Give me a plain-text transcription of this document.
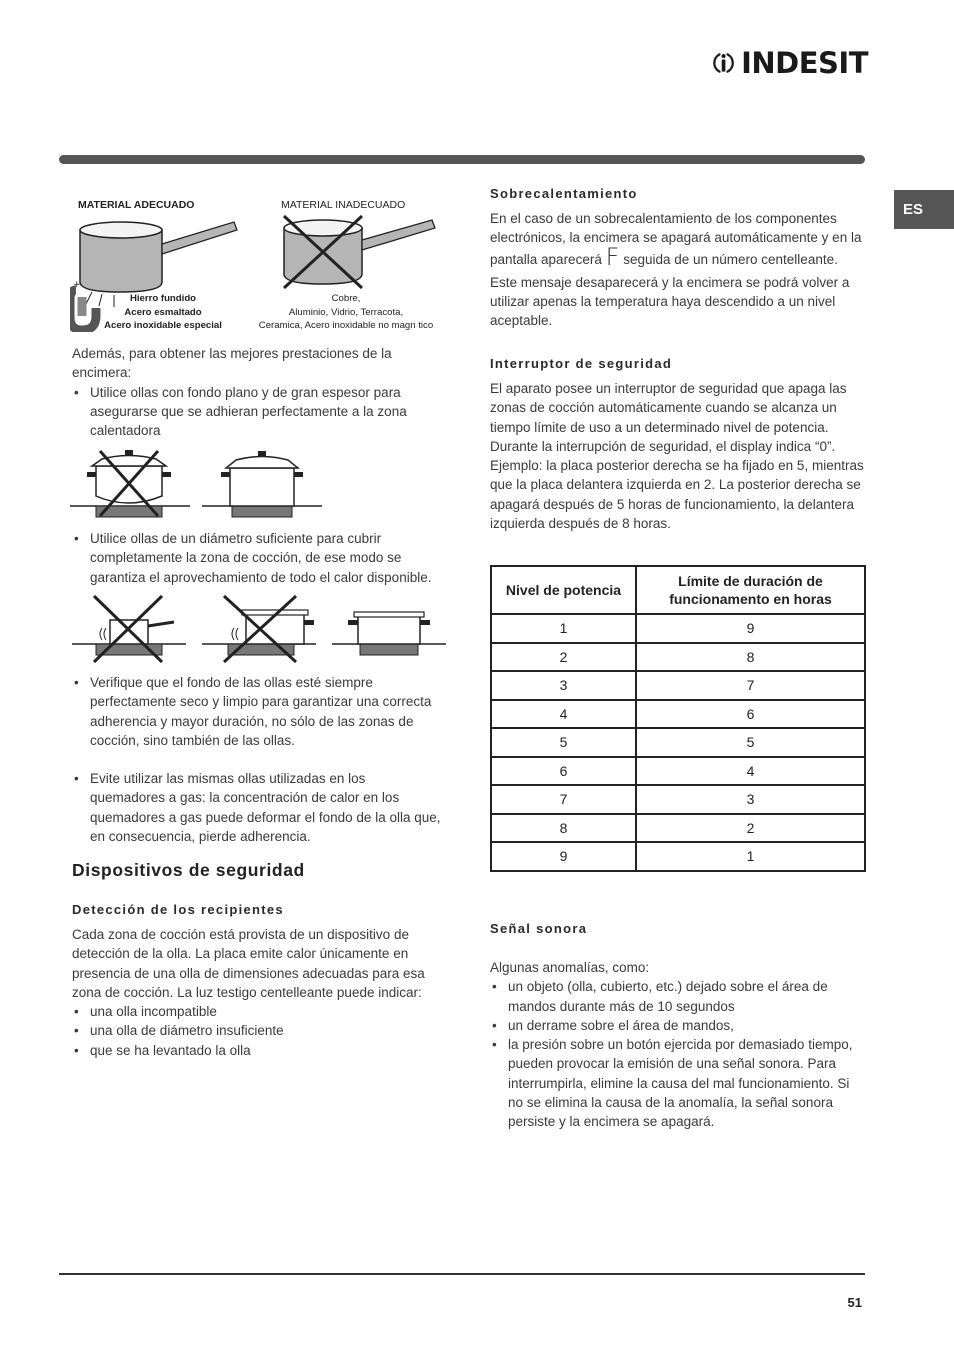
INDESIT
ES
MATERIAL ADECUADO	MATERIAL INADECUADO
+
Hierro fundido
Acero esmaltado
Acero inoxidable especial
Cobre,
Aluminio, Vidrio, Terracota,
Ceramica, Acero inoxidable no magn tico

Además, para obtener las mejores prestaciones de la encimera:

• Utilice ollas con fondo plano y de gran espesor para asegurarse que se adhieran perfectamente a la zona calentadora
• Utilice ollas de un diámetro suficiente para cubrir completamente la zona de cocción, de ese modo se garantiza el aprovechamiento de todo el calor disponible.
• Verifique que el fondo de las ollas esté siempre perfectamente seco y limpio para garantizar una correcta adherencia y mayor duración, no sólo de las zonas de cocción, sino también de las ollas.
• Evite utilizar las mismas ollas utilizadas en los quemadores a gas: la concentración de calor en los quemadores a gas puede deformar el fondo de la olla que, en consecuencia, pierde adherencia.
Dispositivos de seguridad
Detección de los recipientes

Cada zona de cocción está provista de un dispositivo de detección de la olla. La placa emite calor únicamente en presencia de una olla de dimensiones adecuadas para esa zona de cocción. La luz testigo centelleante puede indicar:

• una olla incompatible
• una olla de diámetro insuficiente
• que se ha levantado la olla
Sobrecalentamiento

En el caso de un sobrecalentamiento de los componentes electrónicos, la encimera se apagará automáticamente y en la pantalla aparecerá F seguida de un número centelleante.

Este mensaje desaparecerá y la encimera se podrá volver a utilizar apenas la temperatura haya descendido a un nivel aceptable.

Interruptor de seguridad

El aparato posee un interruptor de seguridad que apaga las zonas de cocción automáticamente cuando se alcanza un tiempo límite de uso a un determinado nivel de potencia. Durante la interrupción de seguridad, el display indica “0”. Ejemplo: la placa posterior derecha se ha fijado en 5, mientras que la placa delantera izquierda en 2. La posterior derecha se apagará después de 5 horas de funcionamiento, la delantera izquierda después de 8 horas.

Nivel de potencia	Límite de duración de funcionamento en horas
1	9
2	8
3	7
4	6
5	5
6	4
7	3
8	2
9	1
Señal sonora

Algunas anomalías, como:

• un objeto (olla, cubierto, etc.) dejado sobre el área de mandos durante más de 10 segundos
• un derrame sobre el área de mandos,
• la presión sobre un botón ejercida por demasiado tiempo, pueden provocar la emisión de una señal sonora. Para interrumpirla, elimine la causa del mal funcionamiento. Si no se elimina la causa de la anomalía, la señal sonora persiste y la encimera se apagará.
51
